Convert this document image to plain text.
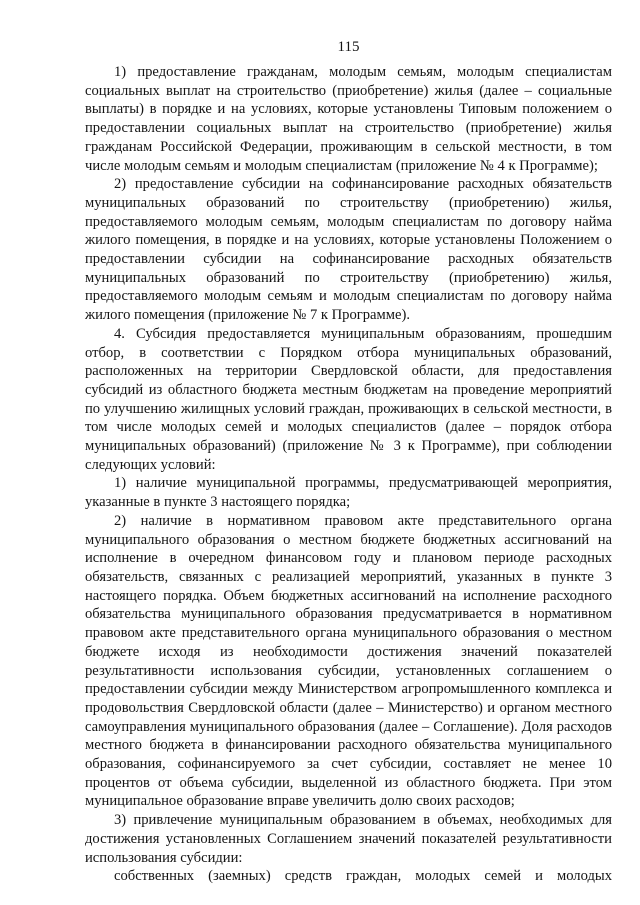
115

1) предоставление гражданам, молодым семьям, молодым специалистам социальных выплат на строительство (приобретение) жилья (далее – социальные выплаты) в порядке и на условиях, которые установлены Типовым положением о предоставлении социальных выплат на строительство (приобретение) жилья гражданам Российской Федерации, проживающим в сельской местности, в том числе молодым семьям и молодым специалистам (приложение № 4 к Программе);

2) предоставление субсидии на софинансирование расходных обязательств муниципальных образований по строительству (приобретению) жилья, предоставляемого молодым семьям, молодым специалистам по договору найма жилого помещения, в порядке и на условиях, которые установлены Положением о предоставлении субсидии на софинансирование расходных обязательств муниципальных образований по строительству (приобретению) жилья, предоставляемого молодым семьям и молодым специалистам по договору найма жилого помещения (приложение № 7 к Программе).

4. Субсидия предоставляется муниципальным образованиям, прошедшим отбор, в соответствии с Порядком отбора муниципальных образований, расположенных на территории Свердловской области, для предоставления субсидий из областного бюджета местным бюджетам на проведение мероприятий по улучшению жилищных условий граждан, проживающих в сельской местности, в том числе молодых семей и молодых специалистов (далее – порядок отбора муниципальных образований) (приложение № 3 к Программе), при соблюдении следующих условий:

1) наличие муниципальной программы, предусматривающей мероприятия, указанные в пункте 3 настоящего порядка;

2) наличие в нормативном правовом акте представительного органа муниципального образования о местном бюджете бюджетных ассигнований на исполнение в очередном финансовом году и плановом периоде расходных обязательств, связанных с реализацией мероприятий, указанных в пункте 3 настоящего порядка. Объем бюджетных ассигнований на исполнение расходного обязательства муниципального образования предусматривается в нормативном правовом акте представительного органа муниципального образования о местном бюджете исходя из необходимости достижения значений показателей результативности использования субсидии, установленных соглашением о предоставлении субсидии между Министерством агропромышленного комплекса и продовольствия Свердловской области (далее – Министерство) и органом местного самоуправления муниципального образования (далее – Соглашение). Доля расходов местного бюджета в финансировании расходного обязательства муниципального образования, софинансируемого за счет субсидии, составляет не менее 10 процентов от объема субсидии, выделенной из областного бюджета. При этом муниципальное образование вправе увеличить долю своих расходов;

3) привлечение муниципальным образованием в объемах, необходимых для достижения установленных Соглашением значений показателей результативности использования субсидии:

собственных (заемных) средств граждан, молодых семей и молодых
